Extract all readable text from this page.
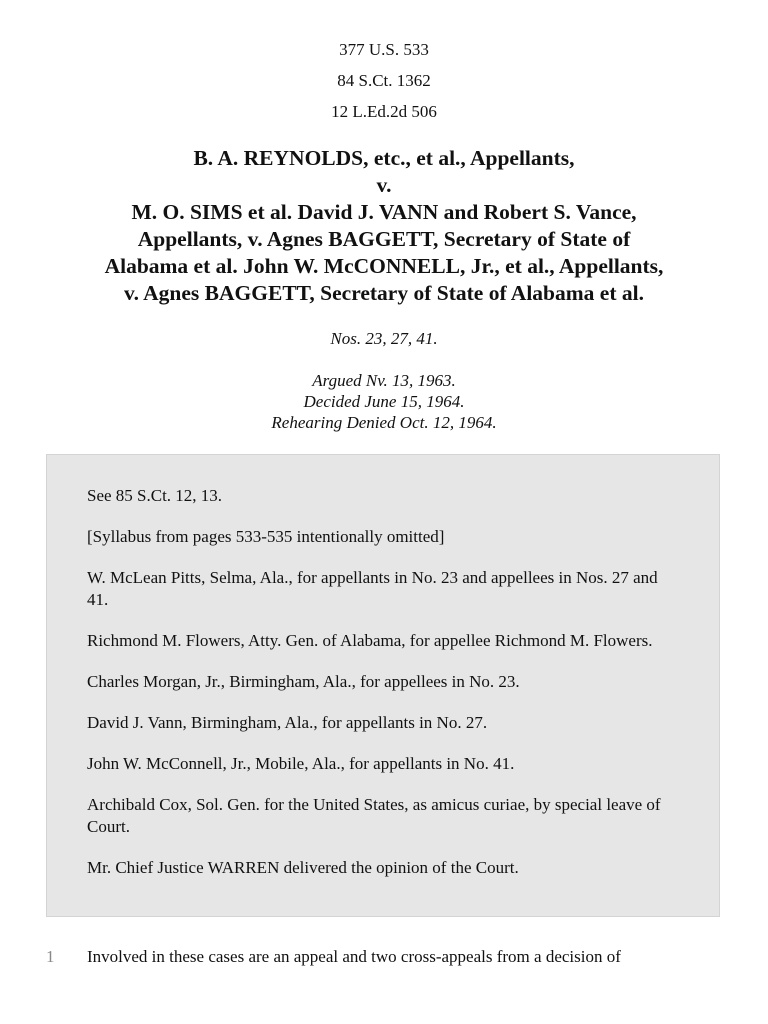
377 U.S. 533
84 S.Ct. 1362
12 L.Ed.2d 506
B. A. REYNOLDS, etc., et al., Appellants,
v.
M. O. SIMS et al. David J. VANN and Robert S. Vance,
Appellants, v. Agnes BAGGETT, Secretary of State of
Alabama et al. John W. McCONNELL, Jr., et al., Appellants,
v. Agnes BAGGETT, Secretary of State of Alabama et al.
Nos. 23, 27, 41.
Argued Nv. 13, 1963.
Decided June 15, 1964.
Rehearing Denied Oct. 12, 1964.

See 85 S.Ct. 12, 13.

[Syllabus from pages 533-535 intentionally omitted]

W. McLean Pitts, Selma, Ala., for appellants in No. 23 and appellees in Nos. 27 and 41.

Richmond M. Flowers, Atty. Gen. of Alabama, for appellee Richmond M. Flowers.

Charles Morgan, Jr., Birmingham, Ala., for appellees in No. 23.

David J. Vann, Birmingham, Ala., for appellants in No. 27.

John W. McConnell, Jr., Mobile, Ala., for appellants in No. 41.

Archibald Cox, Sol. Gen. for the United States, as amicus curiae, by special leave of Court.

Mr. Chief Justice WARREN delivered the opinion of the Court.

1 Involved in these cases are an appeal and two cross-appeals from a decision of
